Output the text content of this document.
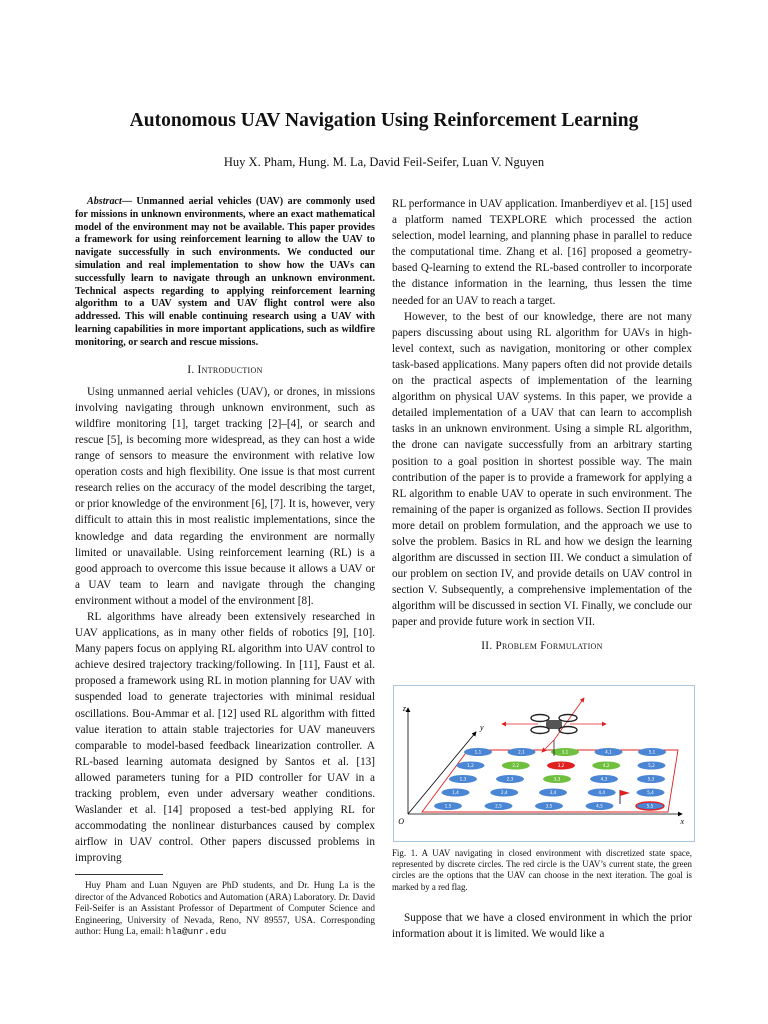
Autonomous UAV Navigation Using Reinforcement Learning
Huy X. Pham, Hung. M. La, David Feil-Seifer, Luan V. Nguyen

Abstract— Unmanned aerial vehicles (UAV) are commonly used for missions in unknown environments, where an exact mathematical model of the environment may not be available. This paper provides a framework for using reinforcement learning to allow the UAV to navigate successfully in such environments. We conducted our simulation and real implementation to show how the UAVs can successfully learn to navigate through an unknown environment. Technical aspects regarding to applying reinforcement learning algorithm to a UAV system and UAV flight control were also addressed. This will enable continuing research using a UAV with learning capabilities in more important applications, such as wildfire monitoring, or search and rescue missions.

I. Introduction

Using unmanned aerial vehicles (UAV), or drones, in missions involving navigating through unknown environment, such as wildfire monitoring [1], target tracking [2]–[4], or search and rescue [5], is becoming more widespread, as they can host a wide range of sensors to measure the environment with relative low operation costs and high flexibility. One issue is that most current research relies on the accuracy of the model describing the target, or prior knowledge of the environment [6], [7]. It is, however, very difficult to attain this in most realistic implementations, since the knowledge and data regarding the environment are normally limited or unavailable. Using reinforcement learning (RL) is a good approach to overcome this issue because it allows a UAV or a UAV team to learn and navigate through the changing environment without a model of the environment [8].

RL algorithms have already been extensively researched in UAV applications, as in many other fields of robotics [9], [10]. Many papers focus on applying RL algorithm into UAV control to achieve desired trajectory tracking/following. In [11], Faust et al. proposed a framework using RL in motion planning for UAV with suspended load to generate trajectories with minimal residual oscillations. Bou-Ammar et al. [12] used RL algorithm with fitted value iteration to attain stable trajectories for UAV maneuvers comparable to model-based feedback linearization controller. A RL-based learning automata designed by Santos et al. [13] allowed parameters tuning for a PID controller for UAV in a tracking problem, even under adversary weather conditions. Waslander et al. [14] proposed a test-bed applying RL for accommodating the nonlinear disturbances caused by complex airflow in UAV control. Other papers discussed problems in improving

Huy Pham and Luan Nguyen are PhD students, and Dr. Hung La is the director of the Advanced Robotics and Automation (ARA) Laboratory. Dr. David Feil-Seifer is an Assistant Professor of Department of Computer Science and Engineering, University of Nevada, Reno, NV 89557, USA. Corresponding author: Hung La, email: hla@unr.edu

RL performance in UAV application. Imanberdiyev et al. [15] used a platform named TEXPLORE which processed the action selection, model learning, and planning phase in parallel to reduce the computational time. Zhang et al. [16] proposed a geometry-based Q-learning to extend the RL-based controller to incorporate the distance information in the learning, thus lessen the time needed for an UAV to reach a target.

However, to the best of our knowledge, there are not many papers discussing about using RL algorithm for UAVs in high-level context, such as navigation, monitoring or other complex task-based applications. Many papers often did not provide details on the practical aspects of implementation of the learning algorithm on physical UAV systems. In this paper, we provide a detailed implementation of a UAV that can learn to accomplish tasks in an unknown environment. Using a simple RL algorithm, the drone can navigate successfully from an arbitrary starting position to a goal position in shortest possible way. The main contribution of the paper is to provide a framework for applying a RL algorithm to enable UAV to operate in such environment. The remaining of the paper is organized as follows. Section II provides more detail on problem formulation, and the approach we use to solve the problem. Basics in RL and how we design the learning algorithm are discussed in section III. We conduct a simulation of our problem on section IV, and provide details on UAV control in section V. Subsequently, a comprehensive implementation of the algorithm will be discussed in section VI. Finally, we conclude our paper and provide future work in section VII.

II. Problem Formulation
z
y
x
O
1,1	2,1	3,1	4,1	5,1
1,2	2,2	3,2	4,2	5,2
1,3	2,3	3,3	4,3	5,3
1,4	2,4	3,4	4,4	5,4
1,5	2,5	3,5	4,5	5,5
Fig. 1. A UAV navigating in closed environment with discretized state space, represented by discrete circles. The red circle is the UAV’s current state, the green circles are the options that the UAV can choose in the next iteration. The goal is marked by a red flag.

Suppose that we have a closed environment in which the prior information about it is limited. We would like a
